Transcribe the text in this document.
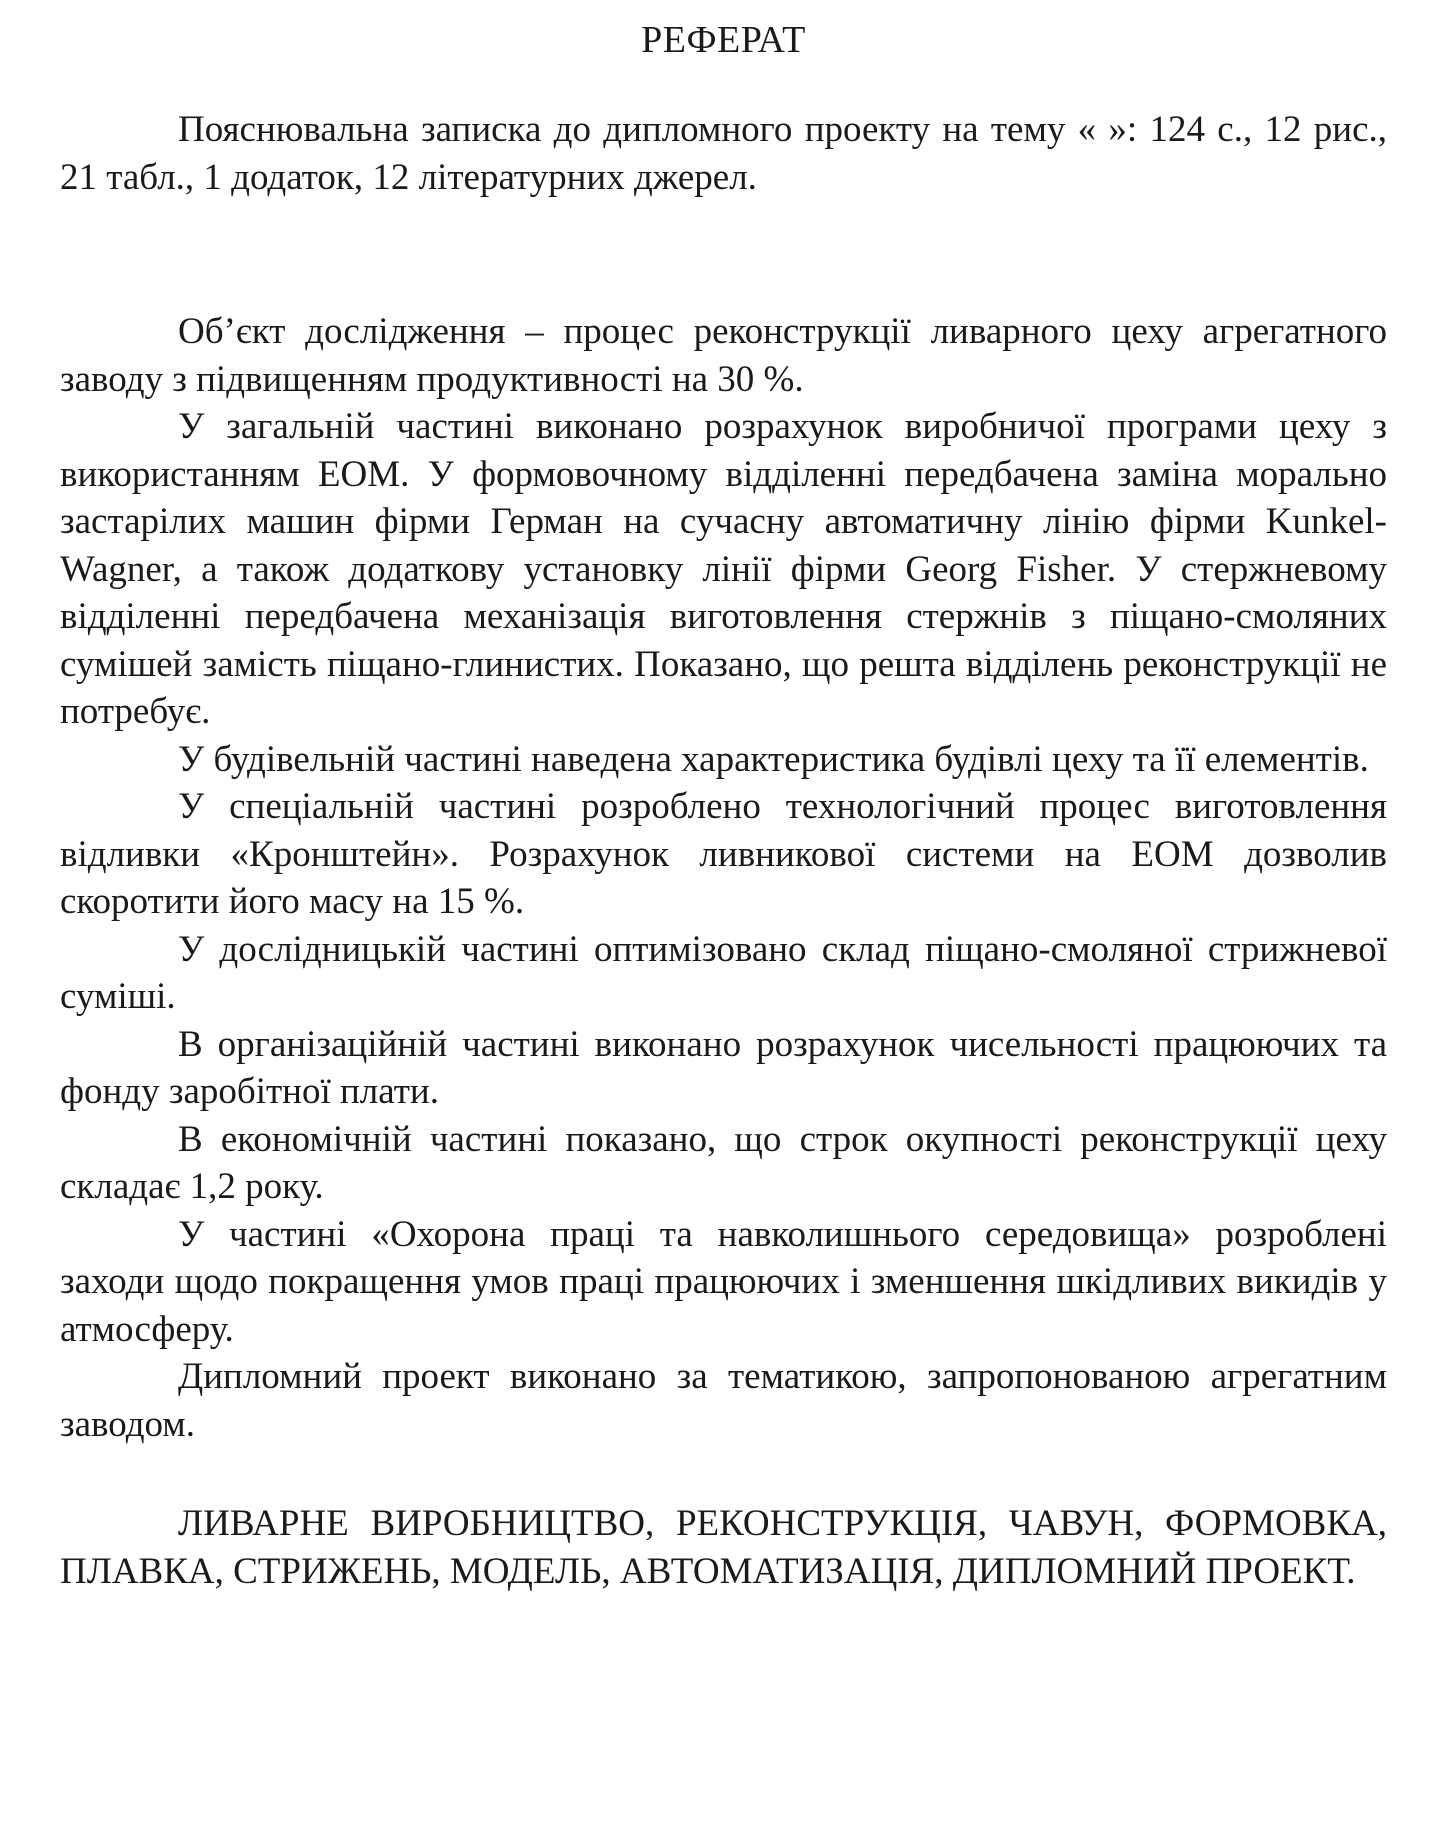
РЕФЕРАТ

Пояснювальна записка до дипломного проекту на тему « »: 124 с., 12 рис., 21 табл., 1 додаток, 12 літературних джерел.

Об’єкт дослідження – процес реконструкції ливарного цеху агрегатного заводу з підвищенням продуктивності на 30 %.

У загальній частині виконано розрахунок виробничої програми цеху з використанням ЕОМ. У формовочному відділенні передбачена заміна морально застарілих машин фірми Герман на сучасну автоматичну лінію фірми Kunkel-Wagner, а також додаткову установку лінії фірми Georg Fisher. У стержневому відділенні передбачена механізація виготовлення стержнів з піщано-смоляних сумішей замість піщано-глинистих. Показано, що решта відділень реконструкції не потребує.

У будівельній частині наведена характеристика будівлі цеху та її елементів.

У спеціальній частині розроблено технологічний процес виготовлення відливки «Кронштейн». Розрахунок ливникової системи на ЕОМ дозволив скоротити його масу на 15 %.

У дослідницькій частині оптимізовано склад піщано-смоляної стрижневої суміші.

В організаційній частині виконано розрахунок чисельності працюючих та фонду заробітної плати.

В економічній частині показано, що строк окупності реконструкції цеху складає 1,2 року.

У частині «Охорона праці та навколишнього середовища» розроблені заходи щодо покращення умов праці працюючих і зменшення шкідливих викидів у атмосферу.

Дипломний проект виконано за тематикою, запропонованою агрегатним заводом.

ЛИВАРНЕ ВИРОБНИЦТВО, РЕКОНСТРУКЦІЯ, ЧАВУН, ФОРМОВКА, ПЛАВКА, СТРИЖЕНЬ, МОДЕЛЬ, АВТОМАТИЗАЦІЯ, ДИПЛОМНИЙ ПРОЕКТ.
